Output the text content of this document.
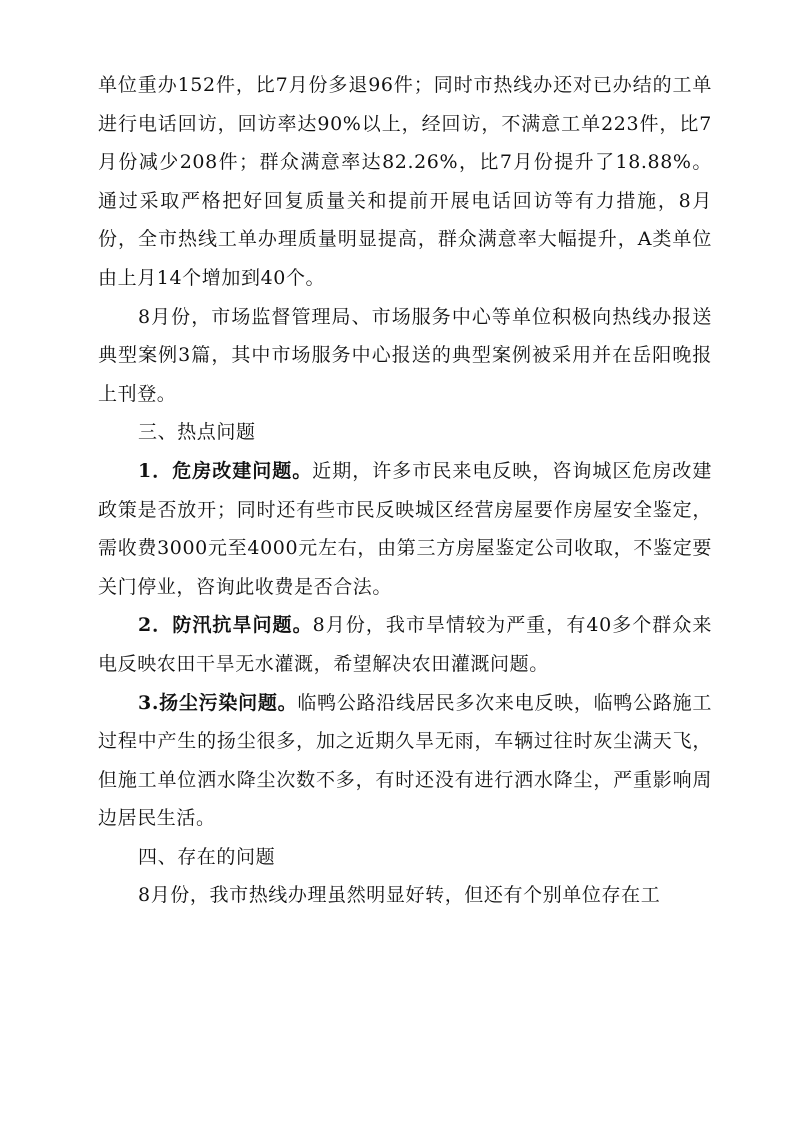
单位重办152件，比7月份多退96件；同时市热线办还对已办结的工单进行电话回访，回访率达90%以上，经回访，不满意工单223件，比7月份减少208件；群众满意率达82.26%，比7月份提升了18.88%。通过采取严格把好回复质量关和提前开展电话回访等有力措施，8月份，全市热线工单办理质量明显提高，群众满意率大幅提升，A类单位由上月14个增加到40个。

8月份，市场监督管理局、市场服务中心等单位积极向热线办报送典型案例3篇，其中市场服务中心报送的典型案例被采用并在岳阳晚报上刊登。

三、热点问题

1．危房改建问题。近期，许多市民来电反映，咨询城区危房改建政策是否放开；同时还有些市民反映城区经营房屋要作房屋安全鉴定，需收费3000元至4000元左右，由第三方房屋鉴定公司收取，不鉴定要关门停业，咨询此收费是否合法。

2．防汛抗旱问题。8月份，我市旱情较为严重，有40多个群众来电反映农田干旱无水灌溉，希望解决农田灌溉问题。

3.扬尘污染问题。临鸭公路沿线居民多次来电反映，临鸭公路施工过程中产生的扬尘很多，加之近期久旱无雨，车辆过往时灰尘满天飞，但施工单位洒水降尘次数不多，有时还没有进行洒水降尘，严重影响周边居民生活。

四、存在的问题

8月份，我市热线办理虽然明显好转，但还有个别单位存在工
